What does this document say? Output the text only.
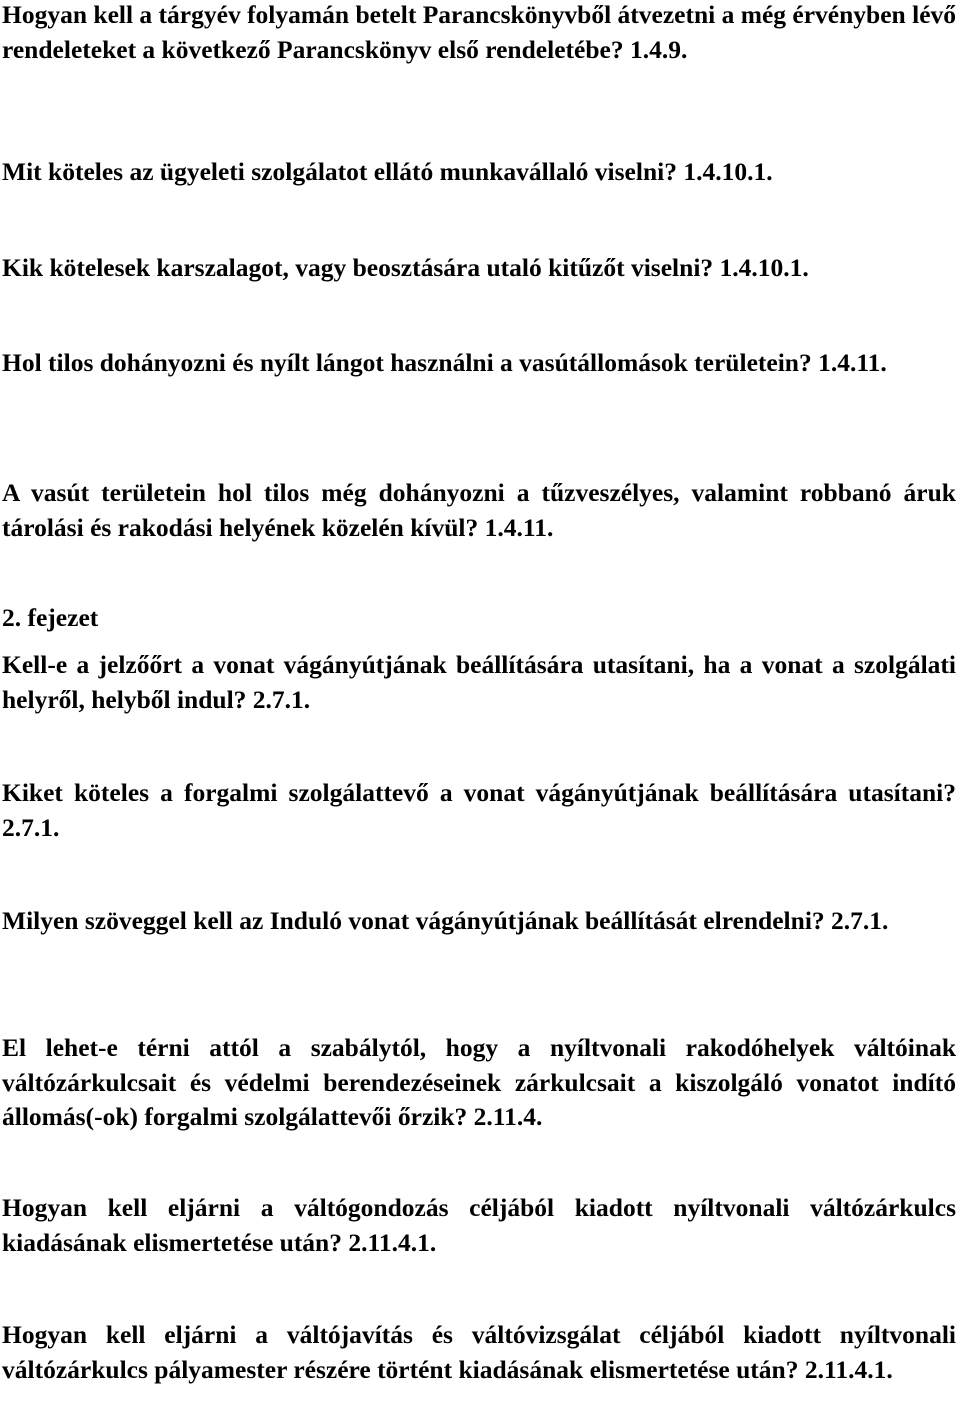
Hogyan kell a tárgyév folyamán betelt Parancskönyvből átvezetni a még érvényben lévő rendeleteket a következő Parancskönyv első rendeletébe? 1.4.9.

Mit köteles az ügyeleti szolgálatot ellátó munkavállaló viselni? 1.4.10.1.

Kik kötelesek karszalagot, vagy beosztására utaló kitűzőt viselni? 1.4.10.1.

Hol tilos dohányozni és nyílt lángot használni a vasútállomások területein? 1.4.11.

A vasút területein hol tilos még dohányozni a tűzveszélyes, valamint robbanó áruk tárolási és rakodási helyének közelén kívül? 1.4.11.

2. fejezet

Kell-e a jelzőőrt a vonat vágányútjának beállítására utasítani, ha a vonat a szolgálati helyről, helyből indul? 2.7.1.

Kiket köteles a forgalmi szolgálattevő a vonat vágányútjának beállítására utasítani? 2.7.1.

Milyen szöveggel kell az Induló vonat vágányútjának beállítását elrendelni? 2.7.1.

El lehet-e térni attól a szabálytól, hogy a nyíltvonali rakodóhelyek váltóinak váltózárkulcsait és védelmi berendezéseinek zárkulcsait a kiszolgáló vonatot indító állomás(-ok) forgalmi szolgálattevői őrzik? 2.11.4.

Hogyan kell eljárni a váltógondozás céljából kiadott nyíltvonali váltózárkulcs kiadásának elismertetése után? 2.11.4.1.

Hogyan kell eljárni a váltójavítás és váltóvizsgálat céljából kiadott nyíltvonali váltózárkulcs pályamester részére történt kiadásának elismertetése után? 2.11.4.1.
